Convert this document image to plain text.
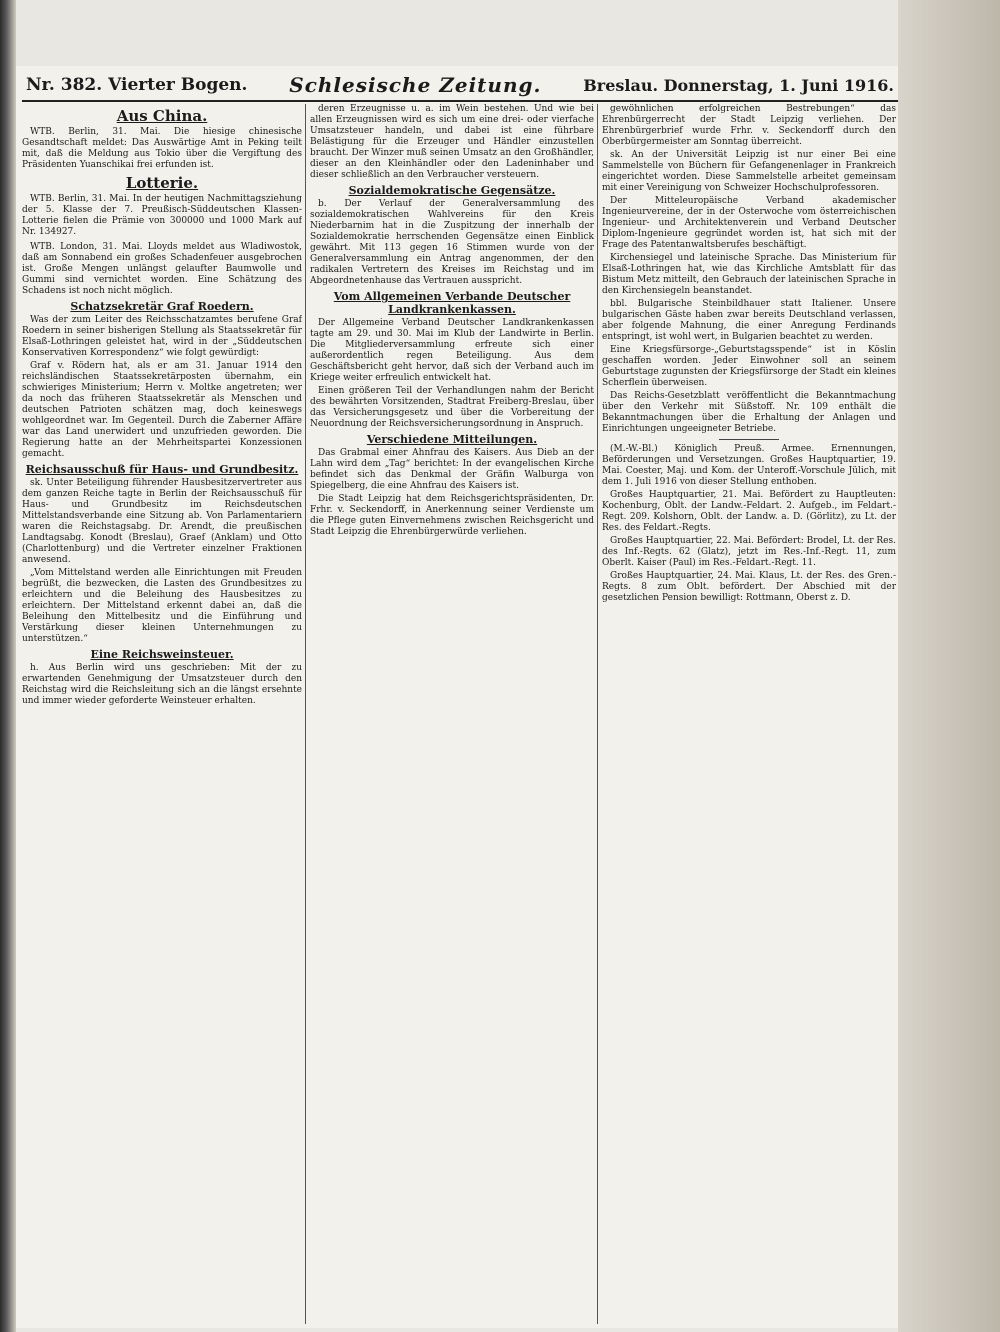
Nr. 382. Vierter Bogen. Schlesische Zeitung.	Breslau. Donnerstag, 1. Juni 1916.
Aus China.

WTB. Berlin, 31. Mai. Die hiesige chinesische Gesandtschaft meldet: Das Auswärtige Amt in Peking teilt mit, daß die Meldung aus Tokio über die Vergiftung des Präsidenten Yuanschikai frei erfunden ist.

Lotterie.

WTB. Berlin, 31. Mai. In der heutigen Nachmittagsziehung der 5. Klasse der 7. Preußisch-Süddeutschen Klassen-Lotterie fielen die Prämie von 300000 und 1000 Mark auf Nr. 134927.

WTB. London, 31. Mai. Lloyds meldet aus Wladiwostok, daß am Sonnabend ein großes Schadenfeuer ausgebrochen ist. Große Mengen unlängst gelaufter Baumwolle und Gummi sind vernichtet worden. Eine Schätzung des Schadens ist noch nicht möglich.

Schatzsekretär Graf Roedern.

Was der zum Leiter des Reichsschatzamtes berufene Graf Roedern in seiner bisherigen Stellung als Staatssekretär für Elsaß-Lothringen geleistet hat, wird in der „Süddeutschen Konservativen Korrespondenz“ wie folgt gewürdigt:

Graf v. Rödern hat, als er am 31. Januar 1914 den reichsländischen Staatssekretärposten übernahm, ein schwieriges Ministerium; Herrn v. Moltke angetreten; wer da noch das früheren Staatssekretär als Menschen und deutschen Patrioten schätzen mag, doch keineswegs wohlgeordnet war. Im Gegenteil. Durch die Zaberner Affäre war das Land unerwidert und unzufrieden geworden. Die Regierung hatte an der Mehrheitspartei Konzessionen gemacht.

Reichsausschuß für Haus- und Grundbesitz.

sk. Unter Beteiligung führender Hausbesitzervertreter aus dem ganzen Reiche tagte in Berlin der Reichsausschuß für Haus- und Grundbesitz im Reichsdeutschen Mittelstandsverbande eine Sitzung ab. Von Parlamentariern waren die Reichstagsabg. Dr. Arendt, die preußischen Landtagsabg. Konodt (Breslau), Graef (Anklam) und Otto (Charlottenburg) und die Vertreter einzelner Fraktionen anwesend.

„Vom Mittelstand werden alle Einrichtungen mit Freuden begrüßt, die bezwecken, die Lasten des Grundbesitzes zu erleichtern und die Beleihung des Hausbesitzes zu erleichtern. Der Mittelstand erkennt dabei an, daß die Beleihung den Mittelbesitz und die Einführung und Verstärkung dieser kleinen Unternehmungen zu unterstützen.“

Eine Reichsweinsteuer.

h. Aus Berlin wird uns geschrieben: Mit der zu erwartenden Genehmigung der Umsatzsteuer durch den Reichstag wird die Reichsleitung sich an die längst ersehnte und immer wieder geforderte Weinsteuer erhalten.

deren Erzeugnisse u. a. im Wein bestehen. Und wie bei allen Erzeugnissen wird es sich um eine drei- oder vierfache Umsatzsteuer handeln, und dabei ist eine führbare Belästigung für die Erzeuger und Händler einzustellen braucht. Der Winzer muß seinen Umsatz an den Großhändler, dieser an den Kleinhändler oder den Ladeninhaber und dieser schließlich an den Verbraucher versteuern.

Sozialdemokratische Gegensätze.

b. Der Verlauf der Generalversammlung des sozialdemokratischen Wahlvereins für den Kreis Niederbarnim hat in die Zuspitzung der innerhalb der Sozialdemokratie herrschenden Gegensätze einen Einblick gewährt. Mit 113 gegen 16 Stimmen wurde von der Generalversammlung ein Antrag angenommen, der den radikalen Vertretern des Kreises im Reichstag und im Abgeordnetenhause das Vertrauen ausspricht.

Vom Allgemeinen Verbande Deutscher Landkrankenkassen.

Der Allgemeine Verband Deutscher Landkrankenkassen tagte am 29. und 30. Mai im Klub der Landwirte in Berlin. Die Mitgliederversammlung erfreute sich einer außerordentlich regen Beteiligung. Aus dem Geschäftsbericht geht hervor, daß sich der Verband auch im Kriege weiter erfreulich entwickelt hat.

Einen größeren Teil der Verhandlungen nahm der Bericht des bewährten Vorsitzenden, Stadtrat Freiberg-Breslau, über das Versicherungsgesetz und über die Vorbereitung der Neuordnung der Reichsversicherungsordnung in Anspruch.

Verschiedene Mitteilungen.

Das Grabmal einer Ahnfrau des Kaisers. Aus Dieb an der Lahn wird dem „Tag“ berichtet: In der evangelischen Kirche befindet sich das Denkmal der Gräfin Walburga von Spiegelberg, die eine Ahnfrau des Kaisers ist.

Die Stadt Leipzig hat dem Reichsgerichtspräsidenten, Dr. Frhr. v. Seckendorff, in Anerkennung seiner Verdienste um die Pflege guten Einvernehmens zwischen Reichsgericht und Stadt Leipzig die Ehrenbürgerwürde verliehen.

gewöhnlichen erfolgreichen Bestrebungen“ das Ehrenbürgerrecht der Stadt Leipzig verliehen. Der Ehrenbürgerbrief wurde Frhr. v. Seckendorff durch den Oberbürgermeister am Sonntag überreicht.

sk. An der Universität Leipzig ist nur einer Bei eine Sammelstelle von Büchern für Gefangenenlager in Frankreich eingerichtet worden. Diese Sammelstelle arbeitet gemeinsam mit einer Vereinigung von Schweizer Hochschulprofessoren.

Der Mitteleuropäische Verband akademischer Ingenieurvereine, der in der Osterwoche vom österreichischen Ingenieur- und Architektenverein und Verband Deutscher Diplom-Ingenieure gegründet worden ist, hat sich mit der Frage des Patentanwaltsberufes beschäftigt.

Kirchensiegel und lateinische Sprache. Das Ministerium für Elsaß-Lothringen hat, wie das Kirchliche Amtsblatt für das Bistum Metz mitteilt, den Gebrauch der lateinischen Sprache in den Kirchensiegeln beanstandet.

bbl. Bulgarische Steinbildhauer statt Italiener. Unsere bulgarischen Gäste haben zwar bereits Deutschland verlassen, aber folgende Mahnung, die einer Anregung Ferdinands entspringt, ist wohl wert, in Bulgarien beachtet zu werden.

Eine Kriegsfürsorge-„Geburtstagsspende“ ist in Köslin geschaffen worden. Jeder Einwohner soll an seinem Geburtstage zugunsten der Kriegsfürsorge der Stadt ein kleines Scherflein überweisen.

Das Reichs-Gesetzblatt veröffentlicht die Bekanntmachung über den Verkehr mit Süßstoff. Nr. 109 enthält die Bekanntmachungen über die Erhaltung der Anlagen und Einrichtungen ungeeigneter Betriebe.

(M.-W.-Bl.) Königlich Preuß. Armee. Ernennungen, Beförderungen und Versetzungen. Großes Hauptquartier, 19. Mai. Coester, Maj. und Kom. der Unteroff.-Vorschule Jülich, mit dem 1. Juli 1916 von dieser Stellung enthoben.

Großes Hauptquartier, 21. Mai. Befördert zu Hauptleuten: Kochenburg, Oblt. der Landw.-Feldart. 2. Aufgeb., im Feldart.-Regt. 209. Kolshorn, Oblt. der Landw. a. D. (Görlitz), zu Lt. der Res. des Feldart.-Regts.

Großes Hauptquartier, 22. Mai. Befördert: Brodel, Lt. der Res. des Inf.-Regts. 62 (Glatz), jetzt im Res.-Inf.-Regt. 11, zum Oberlt. Kaiser (Paul) im Res.-Feldart.-Regt. 11.

Großes Hauptquartier, 24. Mai. Klaus, Lt. der Res. des Gren.-Regts. 8 zum Oblt. befördert. Der Abschied mit der gesetzlichen Pension bewilligt: Rottmann, Oberst z. D.
